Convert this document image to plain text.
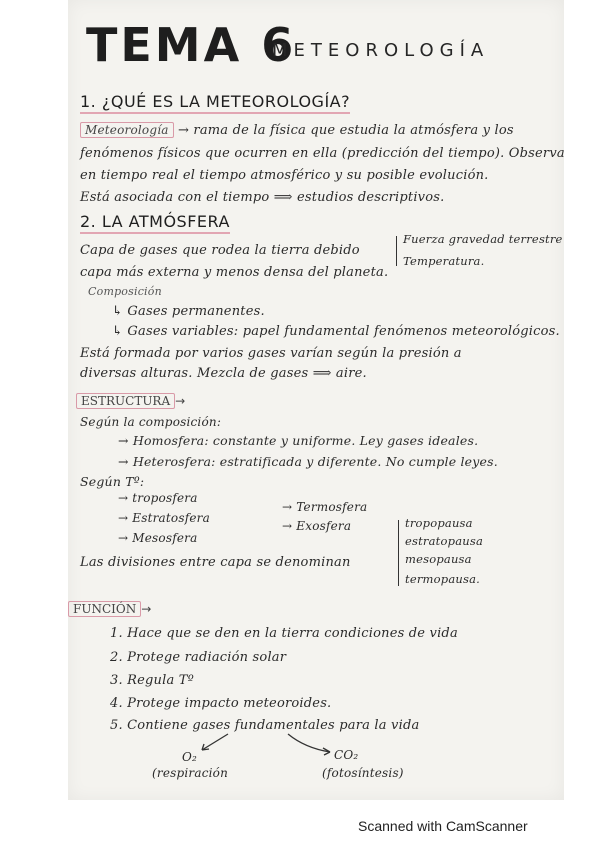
TEMA 6
METEOROLOGÍA
1. ¿QUÉ ES LA METEOROLOGÍA?
Meteorología → rama de la física que estudia la atmósfera y los
fenómenos físicos que ocurren en ella (predicción del tiempo). Observa
en tiempo real el tiempo atmosférico y su posible evolución.
Está asociada con el tiempo ⟹ estudios descriptivos.
2. LA ATMÓSFERA
Capa de gases que rodea la tierra debido
Fuerza gravedad terrestre
Temperatura.
capa más externa y menos densa del planeta.
Composición
↳ Gases permanentes.
↳ Gases variables: papel fundamental fenómenos meteorológicos.
Está formada por varios gases varían según la presión a
diversas alturas. Mezcla de gases ⟹ aire.
ESTRUCTURA →
Según la composición:
→ Homosfera: constante y uniforme. Ley gases ideales.
→ Heterosfera: estratificada y diferente. No cumple leyes.
Según Tº:
→ troposfera
→ Estratosfera
→ Mesosfera
→ Termosfera
→ Exosfera
Las divisiones entre capa se denominan
tropopausa
estratopausa
mesopausa
termopausa.
FUNCIÓN →
1. Hace que se den en la tierra condiciones de vida
2. Protege radiación solar
3. Regula Tº
4. Protege impacto meteoroides.
5. Contiene gases fundamentales para la vida
O₂
(respiración
CO₂
(fotosíntesis)
Scanned with CamScanner
